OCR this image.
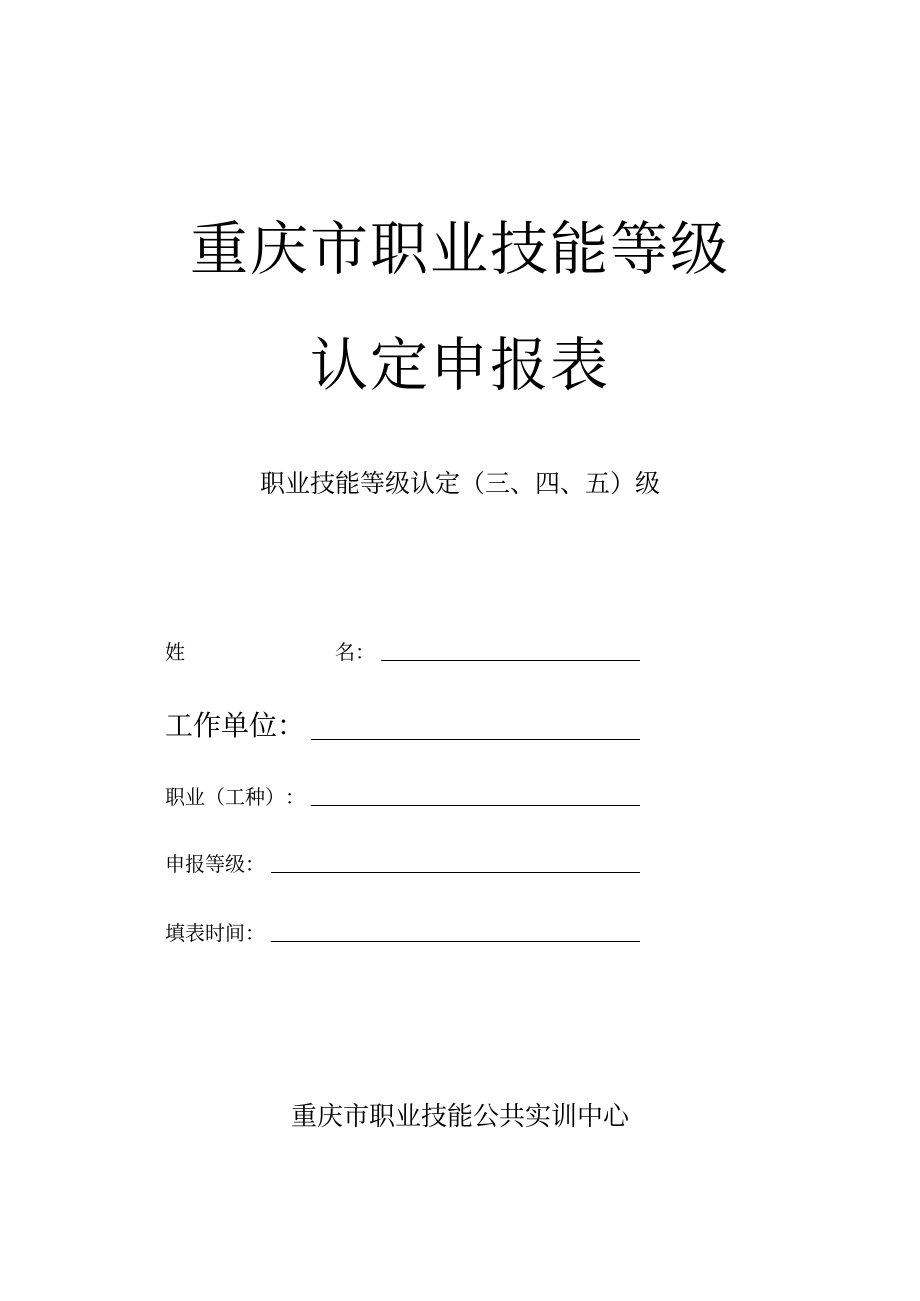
重庆市职业技能等级
认定申报表
职业技能等级认定（三、四、五）级
姓	名 ：
工作单位 ：
职业（工种） ：
申报等级 ：
填表时间 ：
重庆市职业技能公共实训中心
